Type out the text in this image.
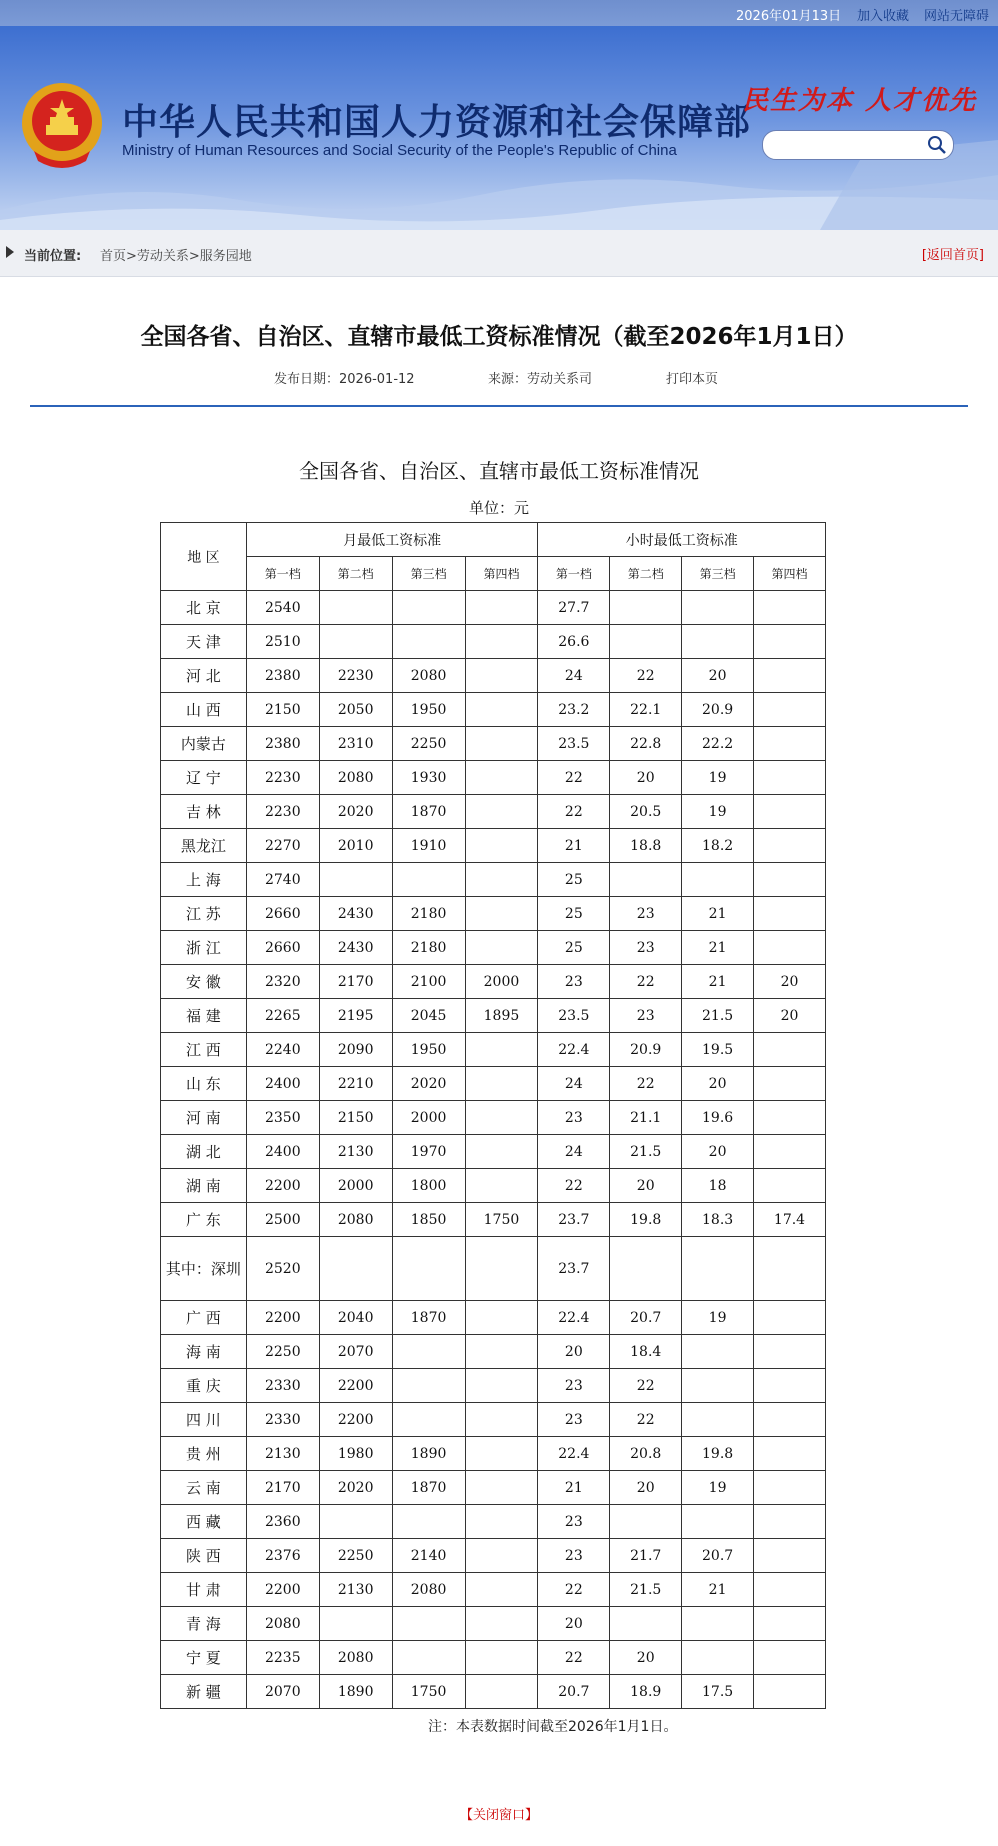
2026年01月13日 加入收藏 网站无障碍
中华人民共和国人力资源和社会保障部
Ministry of Human Resources and Social Security of the People's Republic of China
民生为本 人才优先
当前位置: 首页>劳动关系>服务园地	[返回首页]
全国各省、自治区、直辖市最低工资标准情况（截至2026年1月1日）
发布日期：2026-01-12	来源：劳动关系司	打印本页
全国各省、自治区、直辖市最低工资标准情况
单位：元
地 区	月最低工资标准				小时最低工资标准			
	第一档	第二档	第三档	第四档	第一档	第二档	第三档	第四档
北 京	2540				27.7			
天 津	2510				26.6			
河 北	2380	2230	2080		24	22	20	
山 西	2150	2050	1950		23.2	22.1	20.9	
内蒙古	2380	2310	2250		23.5	22.8	22.2	
辽 宁	2230	2080	1930		22	20	19	
吉 林	2230	2020	1870		22	20.5	19	
黑龙江	2270	2010	1910		21	18.8	18.2	
上 海	2740				25			
江 苏	2660	2430	2180		25	23	21	
浙 江	2660	2430	2180		25	23	21	
安 徽	2320	2170	2100	2000	23	22	21	20
福 建	2265	2195	2045	1895	23.5	23	21.5	20
江 西	2240	2090	1950		22.4	20.9	19.5	
山 东	2400	2210	2020		24	22	20	
河 南	2350	2150	2000		23	21.1	19.6	
湖 北	2400	2130	1970		24	21.5	20	
湖 南	2200	2000	1800		22	20	18	
广 东	2500	2080	1850	1750	23.7	19.8	18.3	17.4
其中：深圳	2520				23.7			
广 西	2200	2040	1870		22.4	20.7	19	
海 南	2250	2070			20	18.4		
重 庆	2330	2200			23	22		
四 川	2330	2200			23	22		
贵 州	2130	1980	1890		22.4	20.8	19.8	
云 南	2170	2020	1870		21	20	19	
西 藏	2360				23			
陕 西	2376	2250	2140		23	21.7	20.7	
甘 肃	2200	2130	2080		22	21.5	21	
青 海	2080				20			
宁 夏	2235	2080			22	20		
新 疆	2070	1890	1750		20.7	18.9	17.5	
注：本表数据时间截至2026年1月1日。
【关闭窗口】
